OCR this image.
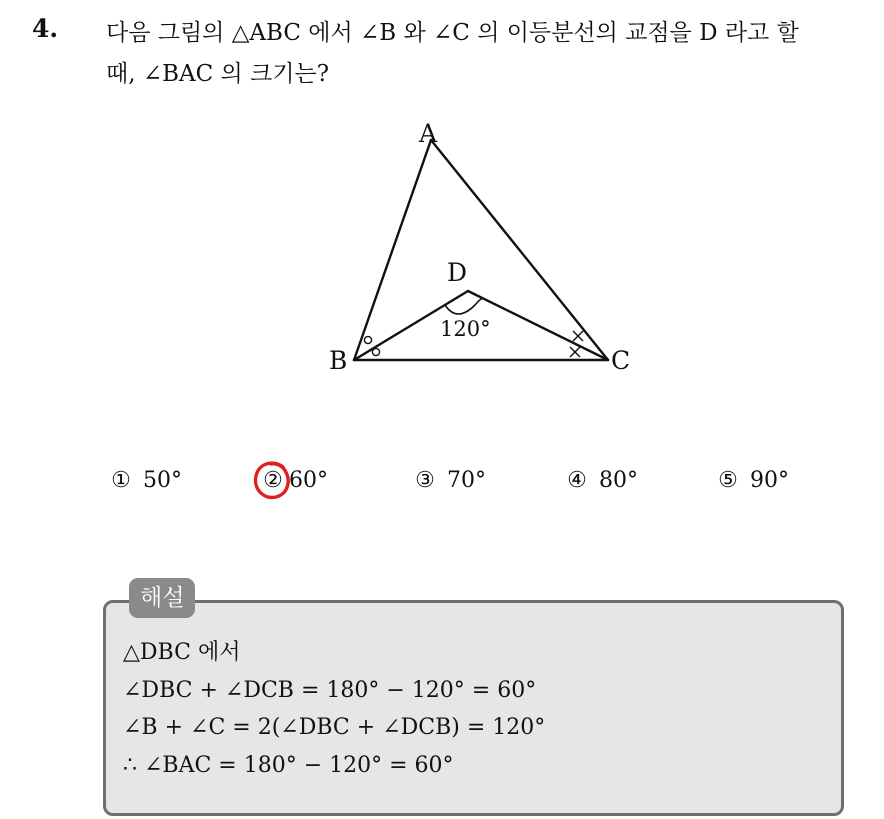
4. 다음 그림의 △ABC 에서 ∠B 와 ∠C 의 이등분선의 교점을 D 라고 할
때, ∠BAC 의 크기는?
A
B	C
D
120°
① 50°	② 60°	③ 70°	④ 80°	⑤ 90°
해설
△DBC 에서
∠DBC + ∠DCB = 180° − 120° = 60°
∠B + ∠C = 2(∠DBC + ∠DCB) = 120°
∴ ∠BAC = 180° − 120° = 60°
